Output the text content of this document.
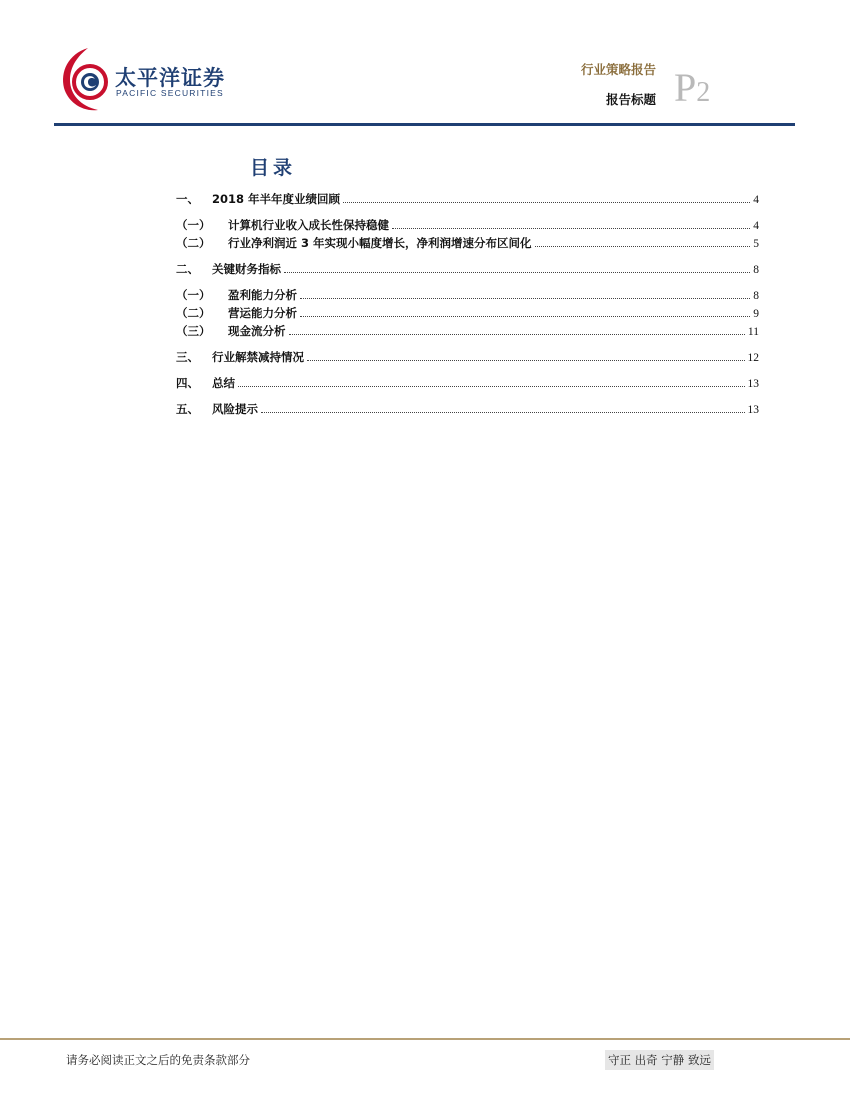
太平洋证券
PACIFIC SECURITIES
行业策略报告
报告标题 P2
目录
一、	2018 年半年度业绩回顾	4
（一）	计算机行业收入成长性保持稳健	4
（二）	行业净利润近 3 年实现小幅度增长，净利润增速分布区间化	5
二、	关键财务指标	8
（一）	盈利能力分析	8
（二）	营运能力分析	9
（三）	现金流分析	11
三、	行业解禁减持情况	12
四、	总结	13
五、	风险提示	13
请务必阅读正文之后的免责条款部分	守正 出奇 宁静 致远
